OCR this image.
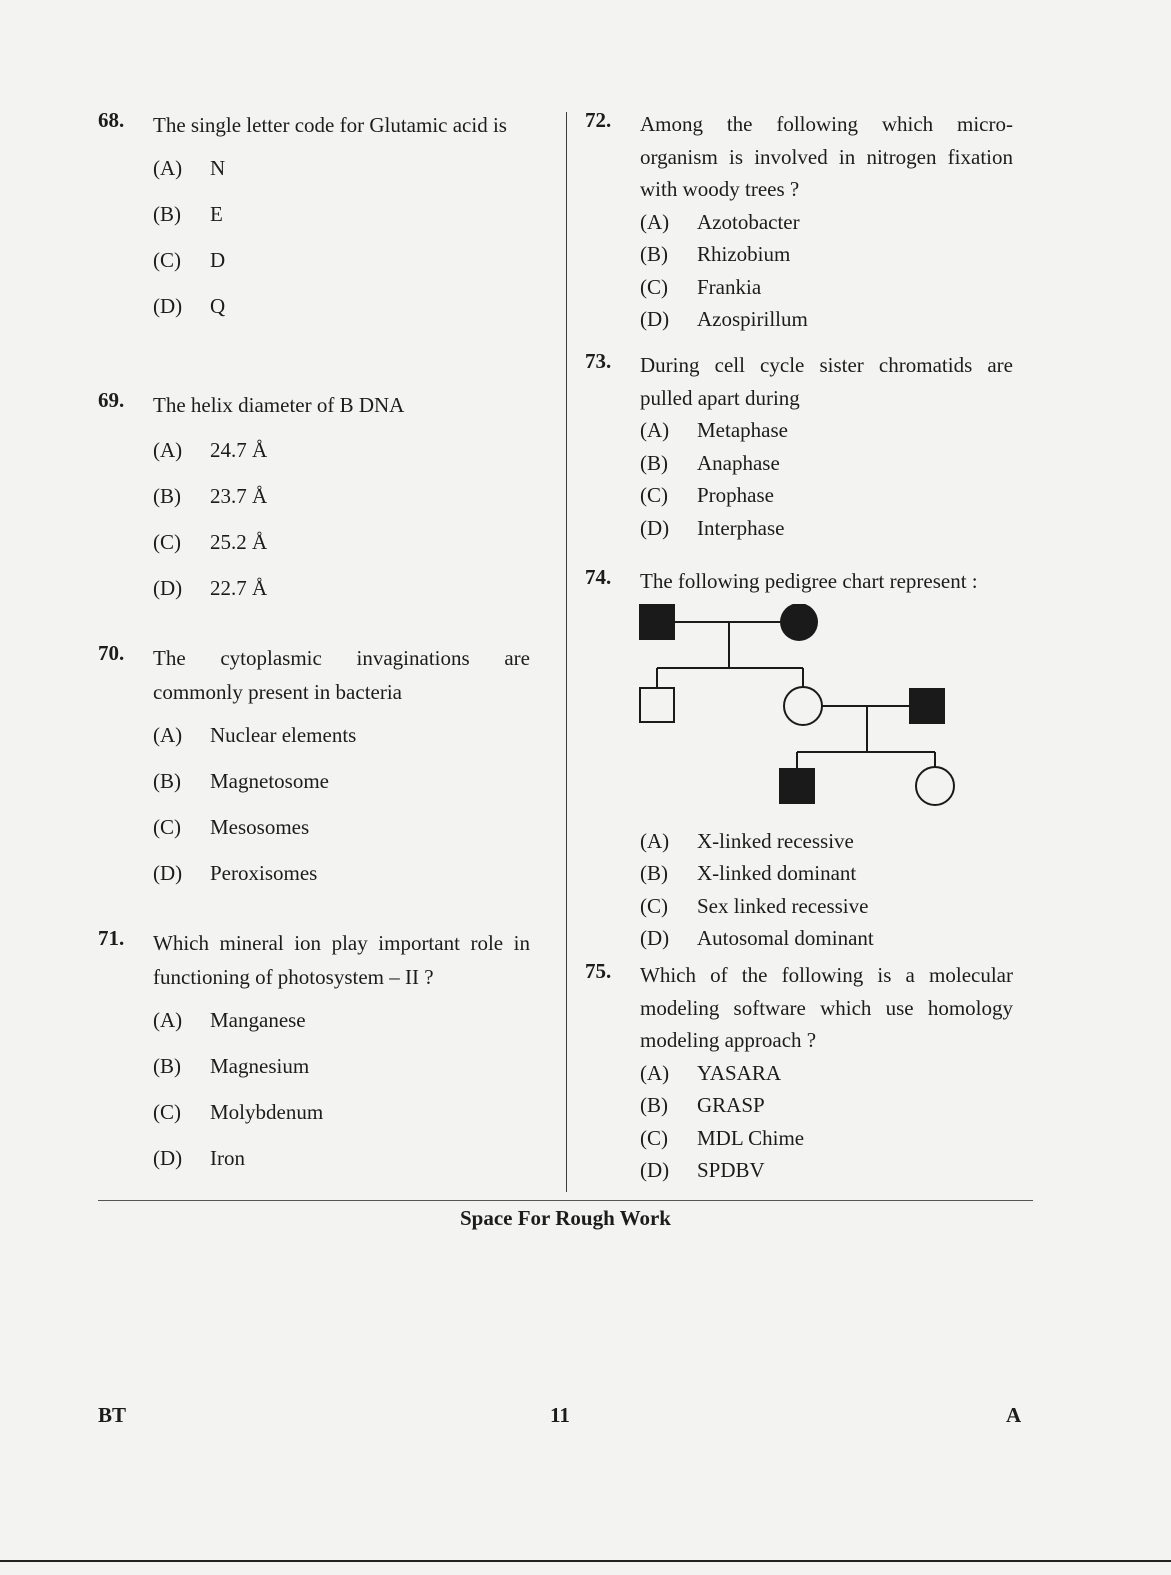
68. The single letter code for Glutamic acid is
(A)	N
(B)	E
(C)	D
(D)	Q
69. The helix diameter of B DNA
(A)	24.7 Å
(B)	23.7 Å
(C)	25.2 Å
(D)	22.7 Å
70. The cytoplasmic invaginations are commonly present in bacteria
(A)	Nuclear elements
(B)	Magnetosome
(C)	Mesosomes
(D)	Peroxisomes
71. Which mineral ion play important role in functioning of photosystem – II ?
(A)	Manganese
(B)	Magnesium
(C)	Molybdenum
(D)	Iron
72. Among the following which micro-organism is involved in nitrogen fixation with woody trees ?
(A)	Azotobacter
(B)	Rhizobium
(C)	Frankia
(D)	Azospirillum
73. During cell cycle sister chromatids are pulled apart during
(A)	Metaphase
(B)	Anaphase
(C)	Prophase
(D)	Interphase
74. The following pedigree chart represent :
(A)	X-linked recessive
(B)	X-linked dominant
(C)	Sex linked recessive
(D)	Autosomal dominant
75. Which of the following is a molecular modeling software which use homology modeling approach ?
(A)	YASARA
(B)	GRASP
(C)	MDL Chime
(D)	SPDBV
Space For Rough Work
BT	11	A
